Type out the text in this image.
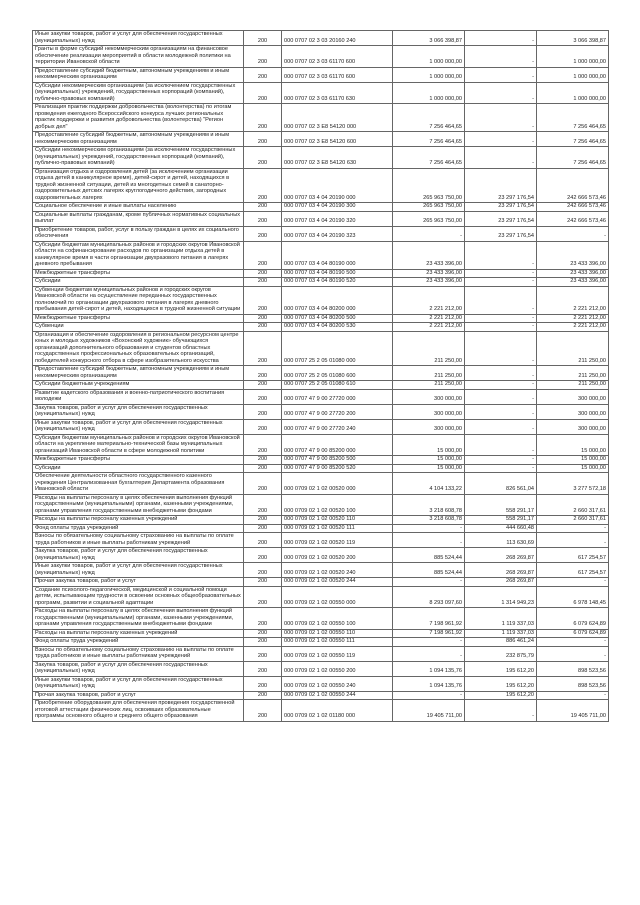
Иные закупки товаров, работ и услуг для обеспечения государственных (муниципальных) нужд	200	000 0707 02 3 03 20160 240	3 066 398,87	-	3 066 398,87
Гранты в форме субсидий некоммерческим организациям на финансовое обеспечение реализации мероприятий в области молодежной политики на территории Ивановской области	200	000 0707 02 3 03 61170 600	1 000 000,00	-	1 000 000,00
Предоставление субсидий бюджетным, автономным учреждениям и иным некоммерческим организациям	200	000 0707 02 3 03 61170 600	1 000 000,00	-	1 000 000,00
Субсидии некоммерческим организациям (за исключением государственных (муниципальных) учреждений, государственных корпораций (компаний), публично-правовых компаний)	200	000 0707 02 3 03 61170 630	1 000 000,00	-	1 000 000,00
Реализация практик поддержки добровольчества (волонтерства) по итогам проведения ежегодного Всероссийского конкурса лучших региональных практик поддержки и развития добровольчества (волонтерства) "Регион добрых дел"	200	000 0707 02 3 E8 54120 000	7 256 464,65	-	7 256 464,65
Предоставление субсидий бюджетным, автономным учреждениям и иным некоммерческим организациям	200	000 0707 02 3 E8 54120 600	7 256 464,65	-	7 256 464,65
Субсидии некоммерческим организациям (за исключением государственных (муниципальных) учреждений, государственных корпораций (компаний), публично-правовых компаний)	200	000 0707 02 3 E8 54120 630	7 256 464,65	-	7 256 464,65
Организация отдыха и оздоровления детей (за исключением организации отдыха детей в каникулярное время), детей-сирот и детей, находящихся в трудной жизненной ситуации, детей из многодетных семей в санаторно-оздоровительных детских лагерях круглогодичного действия, загородных оздоровительных лагерях	200	000 0707 03 4 04 20190 000	265 963 750,00	23 297 176,54	242 666 573,46
Социальное обеспечение и иные выплаты населению	200	000 0707 03 4 04 20190 300	265 963 750,00	23 297 176,54	242 666 573,46
Социальные выплаты гражданам, кроме публичных нормативных социальных выплат	200	000 0707 03 4 04 20190 320	265 963 750,00	23 297 176,54	242 666 573,46
Приобретение товаров, работ, услуг в пользу граждан в целях их социального обеспечения	200	000 0707 03 4 04 20190 323	-	23 297 176,54	-
Субсидии бюджетам муниципальных районов и городских округов Ивановской области на софинансирование расходов по организации отдыха детей в каникулярное время в части организации двухразового питания в лагерях дневного пребывания	200	000 0707 03 4 04 80190 000	23 433 396,00	-	23 433 396,00
Межбюджетные трансферты	200	000 0707 03 4 04 80190 500	23 433 396,00	-	23 433 396,00
Субсидии	200	000 0707 03 4 04 80190 520	23 433 396,00	-	23 433 396,00
Субвенции бюджетам муниципальных районов и городских округов Ивановской области на осуществление переданных государственных полномочий по организации двухразового питания в лагерях дневного пребывания детей-сирот и детей, находящихся в трудной жизненной ситуации	200	000 0707 03 4 04 80200 000	2 221 212,00	-	2 221 212,00
Межбюджетные трансферты	200	000 0707 03 4 04 80200 500	2 221 212,00	-	2 221 212,00
Субвенции	200	000 0707 03 4 04 80200 530	2 221 212,00	-	2 221 212,00
Организация и обеспечение оздоровления в региональном ресурсном центре юных и молодых художников «Вохонский художник» обучающихся организаций дополнительного образования и студентов областных государственных профессиональных образовательных организаций, победителей конкурсного отбора в сфере изобразительного искусства	200	000 0707 25 2 05 01080 000	211 250,00	-	211 250,00
Предоставление субсидий бюджетным, автономным учреждениям и иным некоммерческим организациям	200	000 0707 25 2 05 01080 600	211 250,00	-	211 250,00
Субсидии бюджетным учреждениям	200	000 0707 25 2 05 01080 610	211 250,00	-	211 250,00
Развитие кадетского образования и военно-патриотического воспитания молодежи	200	000 0707 47 9 00 27720 000	300 000,00	-	300 000,00
Закупка товаров, работ и услуг для обеспечения государственных (муниципальных) нужд	200	000 0707 47 9 00 27720 200	300 000,00	-	300 000,00
Иные закупки товаров, работ и услуг для обеспечения государственных (муниципальных) нужд	200	000 0707 47 9 00 27720 240	300 000,00	-	300 000,00
Субсидия бюджетам муниципальных районов и городских округов Ивановской области на укрепление материально-технической базы муниципальных организаций Ивановской области в сфере молодежной политики	200	000 0707 47 9 00 85200 000	15 000,00	-	15 000,00
Межбюджетные трансферты	200	000 0707 47 9 00 85200 500	15 000,00	-	15 000,00
Субсидии	200	000 0707 47 9 00 85200 520	15 000,00	-	15 000,00
Обеспечение деятельности областного государственного казенного учреждения Централизованная бухгалтерия Департамента образования Ивановской области	200	000 0709 02 1 02 00520 000	4 104 133,22	826 561,04	3 277 572,18
Расходы на выплаты персоналу в целях обеспечения выполнения функций государственными (муниципальными) органами, казенными учреждениями, органами управления государственными внебюджетными фондами	200	000 0709 02 1 02 00520 100	3 218 608,78	558 291,17	2 660 317,61
Расходы на выплаты персоналу казенных учреждений	200	000 0709 02 1 02 00520 110	3 218 608,78	558 291,17	2 660 317,61
Фонд оплаты труда учреждений	200	000 0709 02 1 02 00520 111	-	444 660,48	-
Взносы по обязательному социальному страхованию на выплаты по оплате труда работников и иные выплаты работникам учреждений	200	000 0709 02 1 02 00520 119	-	113 630,69	-
Закупка товаров, работ и услуг для обеспечения государственных (муниципальных) нужд	200	000 0709 02 1 02 00520 200	885 524,44	268 269,87	617 254,57
Иные закупки товаров, работ и услуг для обеспечения государственных (муниципальных) нужд	200	000 0709 02 1 02 00520 240	885 524,44	268 269,87	617 254,57
Прочая закупка товаров, работ и услуг	200	000 0709 02 1 02 00520 244	-	268 269,87	-
Создание психолого-педагогической, медицинской и социальной помощи детям, испытывающим трудности в освоении основных общеобразовательных программ, развитии и социальной адаптации	200	000 0709 02 1 02 00550 000	8 293 097,60	1 314 949,23	6 978 148,45
Расходы на выплаты персоналу в целях обеспечения выполнения функций государственными (муниципальными) органами, казенными учреждениями, органами управления государственными внебюджетными фондами	200	000 0709 02 1 02 00550 100	7 198 961,92	1 119 337,03	6 079 624,89
Расходы на выплаты персоналу казенных учреждений	200	000 0709 02 1 02 00550 110	7 198 961,92	1 119 337,03	6 079 624,89
Фонд оплаты труда учреждений	200	000 0709 02 1 02 00550 111	-	886 461,24	-
Взносы по обязательному социальному страхованию на выплаты по оплате труда работников и иные выплаты работникам учреждений	200	000 0709 02 1 02 00550 119	-	232 875,79	-
Закупка товаров, работ и услуг для обеспечения государственных (муниципальных) нужд	200	000 0709 02 1 02 00550 200	1 094 135,76	195 612,20	898 523,56
Иные закупки товаров, работ и услуг для обеспечения государственных (муниципальных) нужд	200	000 0709 02 1 02 00550 240	1 094 135,76	195 612,20	898 523,56
Прочая закупка товаров, работ и услуг	200	000 0709 02 1 02 00550 244	-	195 612,20	-
Приобретение оборудования для обеспечения проведения государственной итоговой аттестации физических лиц, освоивших образовательные программы основного общего и среднего общего образования	200	000 0709 02 1 02 01180 000	19 405 711,00	-	19 405 711,00
